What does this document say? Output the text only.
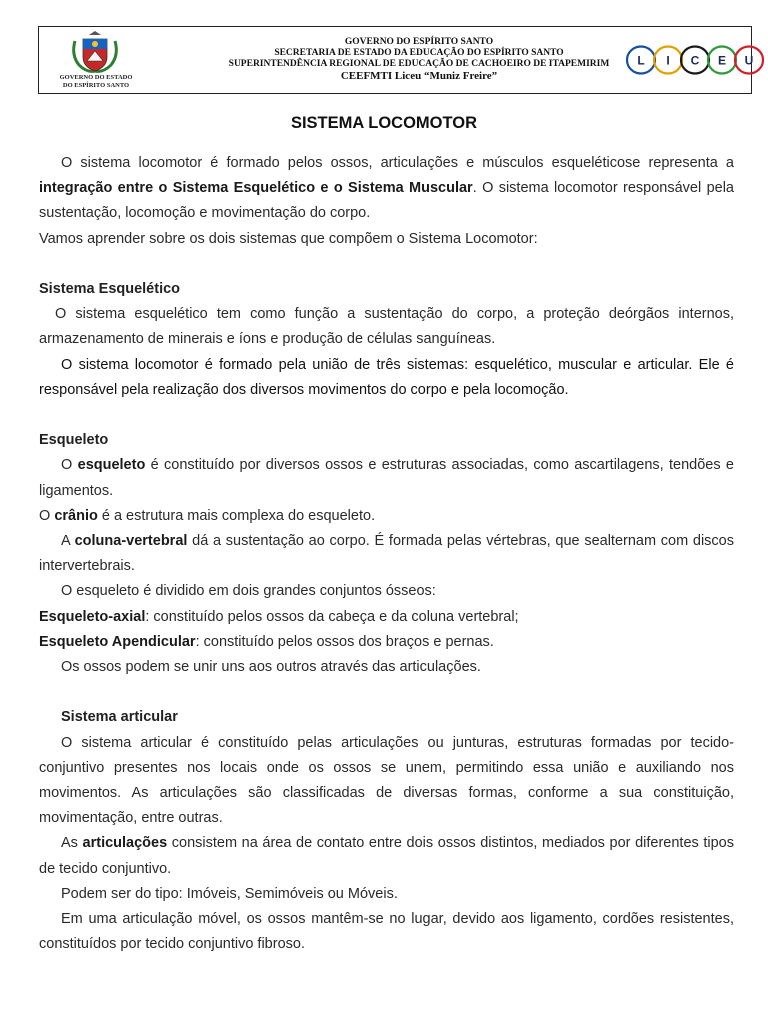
GOVERNO DO ESTADO
DO ESPÍRITO SANTO
GOVERNO DO ESPÍRITO SANTO
SECRETARIA DE ESTADO DA EDUCAÇÃO DO ESPÍRITO SANTO
SUPERINTENDÊNCIA REGIONAL DE EDUCAÇÃO DE CACHOEIRO DE ITAPEMIRIM
CEEFMTI Liceu “Muniz Freire”
L I C E U
SISTEMA LOCOMOTOR

O sistema locomotor é formado pelos ossos, articulações e músculos esqueléticose representa a integração entre o Sistema Esquelético e o Sistema Muscular. O sistema locomotor responsável pela sustentação, locomoção e movimentação do corpo.

Vamos aprender sobre os dois sistemas que compõem o Sistema Locomotor:

Sistema Esquelético

O sistema esquelético tem como função a sustentação do corpo, a proteção deórgãos internos, armazenamento de minerais e íons e produção de células sanguíneas.

O sistema locomotor é formado pela união de três sistemas: esquelético, muscular e articular. Ele é responsável pela realização dos diversos movimentos do corpo e pela locomoção.

Esqueleto

O esqueleto é constituído por diversos ossos e estruturas associadas, como ascartilagens, tendões e ligamentos.

O crânio é a estrutura mais complexa do esqueleto.

A coluna-vertebral dá a sustentação ao corpo. É formada pelas vértebras, que sealternam com discos intervertebrais.

O esqueleto é dividido em dois grandes conjuntos ósseos:

Esqueleto-axial: constituído pelos ossos da cabeça e da coluna vertebral;

Esqueleto Apendicular: constituído pelos ossos dos braços e pernas.

Os ossos podem se unir uns aos outros através das articulações.

Sistema articular

O sistema articular é constituído pelas articulações ou junturas, estruturas formadas por tecido-conjuntivo presentes nos locais onde os ossos se unem, permitindo essa união e auxiliando nos movimentos. As articulações são classificadas de diversas formas, conforme a sua constituição, movimentação, entre outras.

As articulações consistem na área de contato entre dois ossos distintos, mediados por diferentes tipos de tecido conjuntivo.

Podem ser do tipo: Imóveis, Semimóveis ou Móveis.

Em uma articulação móvel, os ossos mantêm-se no lugar, devido aos ligamento, cordões resistentes, constituídos por tecido conjuntivo fibroso.
